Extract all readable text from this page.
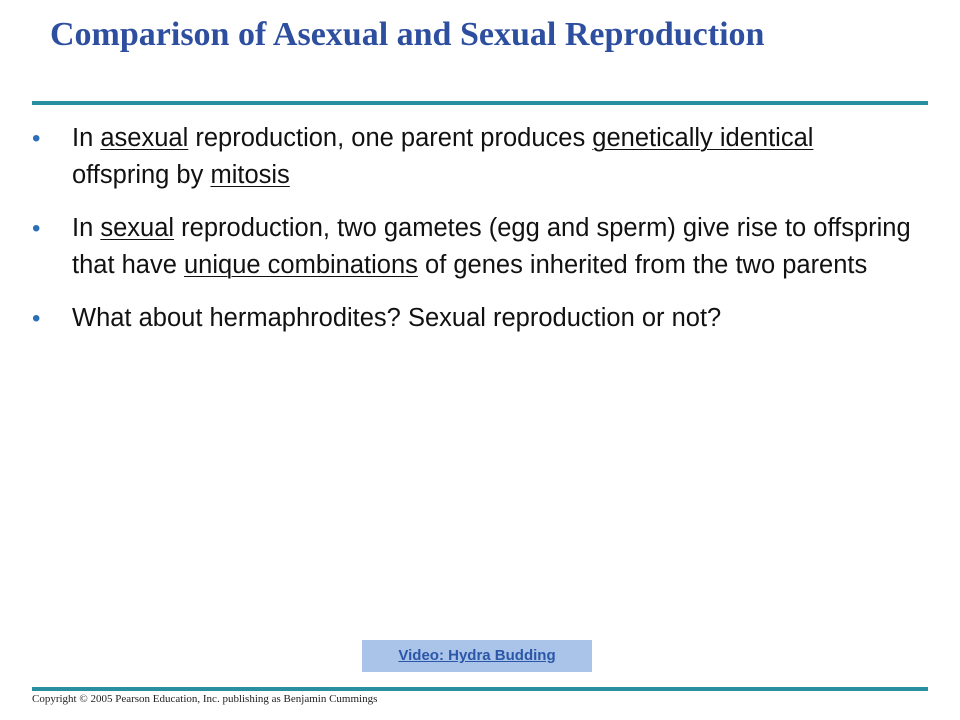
Comparison of Asexual and Sexual Reproduction
• In asexual reproduction, one parent produces genetically identical offspring by mitosis
• In sexual reproduction, two gametes (egg and sperm) give rise to offspring that have unique combinations of genes inherited from the two parents
• What about hermaphrodites? Sexual reproduction or not?
Video: Hydra Budding
Copyright © 2005 Pearson Education, Inc. publishing as Benjamin Cummings
